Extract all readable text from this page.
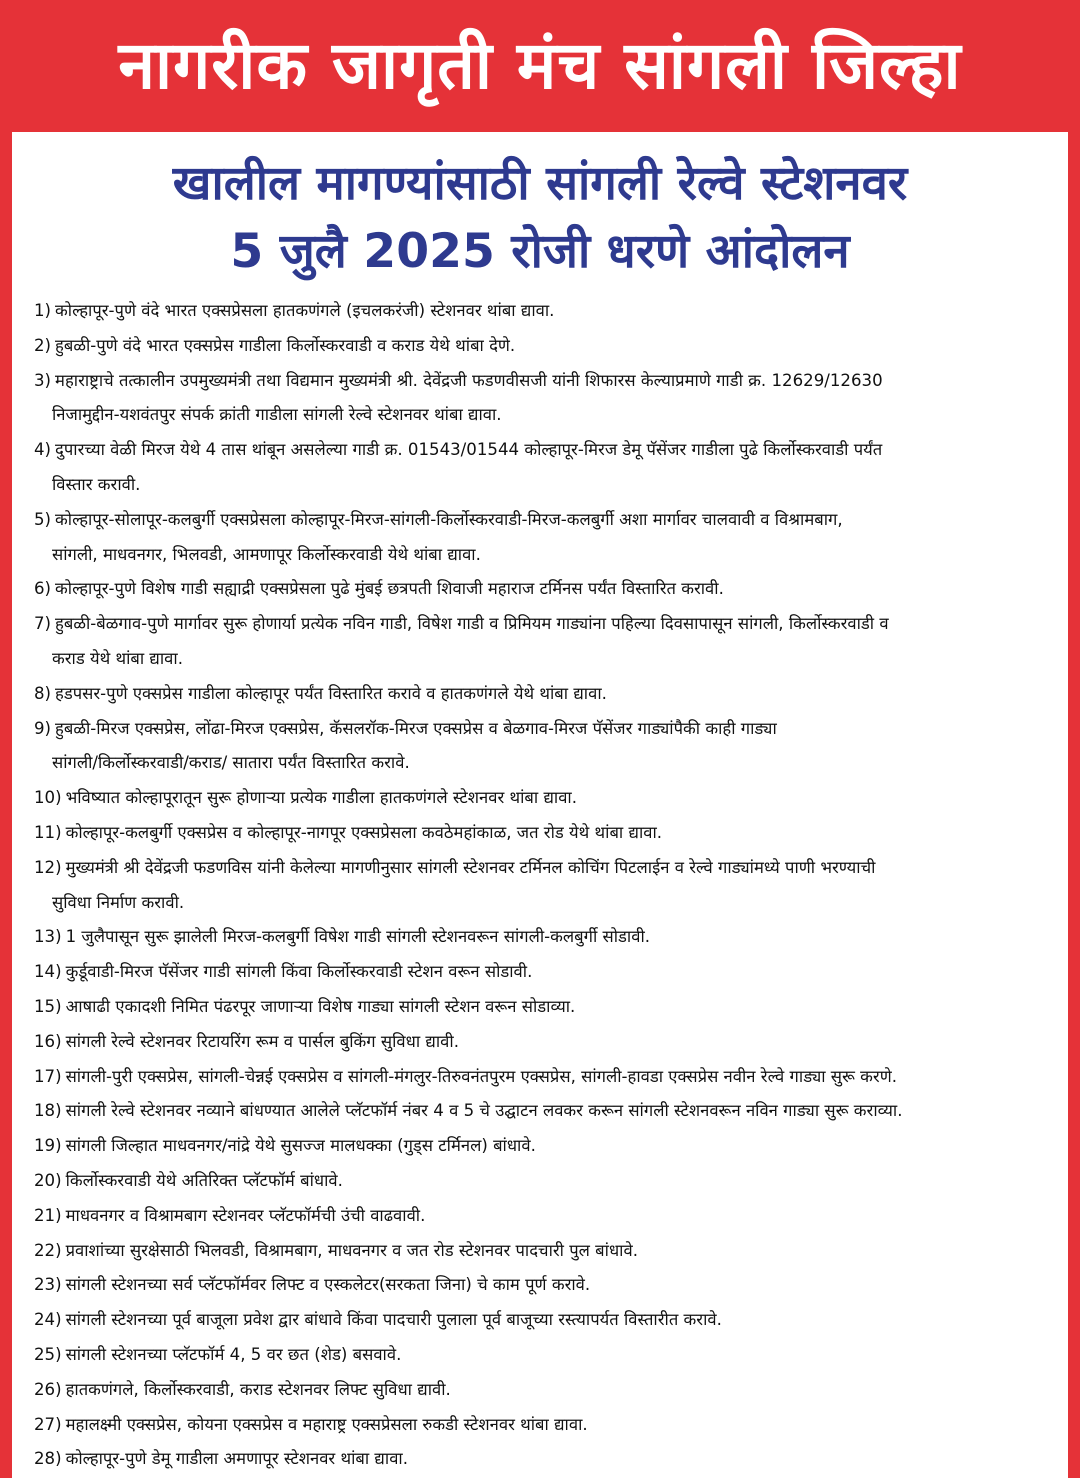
नागरीक जागृती मंच सांगली जिल्हा
खालील मागण्यांसाठी सांगली रेल्वे स्टेशनवर
5 जुलै 2025 रोजी धरणे आंदोलन
1) कोल्हापूर-पुणे वंदे भारत एक्सप्रेसला हातकणंगले (इचलकरंजी) स्टेशनवर थांबा द्यावा.
2) हुबळी-पुणे वंदे भारत एक्सप्रेस गाडीला किर्लोस्करवाडी व कराड येथे थांबा देणे.
3) महाराष्ट्राचे तत्कालीन उपमुख्यमंत्री तथा विद्यमान मुख्यमंत्री श्री. देवेंद्रजी फडणवीसजी यांनी शिफारस केल्याप्रमाणे गाडी क्र. 12629/12630
निजामुद्दीन-यशवंतपुर संपर्क क्रांती गाडीला सांगली रेल्वे स्टेशनवर थांबा द्यावा.
4) दुपारच्या वेळी मिरज येथे 4 तास थांबून असलेल्या गाडी क्र. 01543/01544 कोल्हापूर-मिरज डेमू पॅसेंजर गाडीला पुढे किर्लोस्करवाडी पर्यंत
विस्तार करावी.
5) कोल्हापूर-सोलापूर-कलबुर्गी एक्सप्रेसला कोल्हापूर-मिरज-सांगली-किर्लोस्करवाडी-मिरज-कलबुर्गी अशा मार्गावर चालवावी व विश्रामबाग,
सांगली, माधवनगर, भिलवडी, आमणापूर किर्लोस्करवाडी येथे थांबा द्यावा.
6) कोल्हापूर-पुणे विशेष गाडी सह्याद्री एक्सप्रेसला पुढे मुंबई छत्रपती शिवाजी महाराज टर्मिनस पर्यंत विस्तारित करावी.
7) हुबळी-बेळगाव-पुणे मार्गावर सुरू होणार्या प्रत्येक नविन गाडी, विषेश गाडी व प्रिमियम गाड्यांना पहिल्या दिवसापासून सांगली, किर्लोस्करवाडी व
कराड येथे थांबा द्यावा.
8) हडपसर-पुणे एक्सप्रेस गाडीला कोल्हापूर पर्यंत विस्तारित करावे व हातकणंगले येथे थांबा द्यावा.
9) हुबळी-मिरज एक्सप्रेस, लोंढा-मिरज एक्सप्रेस, कॅसलरॉक-मिरज एक्सप्रेस व बेळगाव-मिरज पॅसेंजर गाड्यांपैकी काही गाड्या
सांगली/किर्लोस्करवाडी/कराड/ सातारा पर्यंत विस्तारित करावे.
10) भविष्यात कोल्हापूरातून सुरू होणाऱ्या प्रत्येक गाडीला हातकणंगले स्टेशनवर थांबा द्यावा.
11) कोल्हापूर-कलबुर्गी एक्सप्रेस व कोल्हापूर-नागपूर एक्सप्रेसला कवठेमहांकाळ, जत रोड येथे थांबा द्यावा.
12) मुख्यमंत्री श्री देवेंद्रजी फडणविस यांनी केलेल्या मागणीनुसार सांगली स्टेशनवर टर्मिनल कोचिंग पिटलाईन व रेल्वे गाड्यांमध्ये पाणी भरण्याची
सुविधा निर्माण करावी.
13) 1 जुलैपासून सुरू झालेली मिरज-कलबुर्गी विषेश गाडी सांगली स्टेशनवरून सांगली-कलबुर्गी सोडावी.
14) कुर्डूवाडी-मिरज पॅसेंजर गाडी सांगली किंवा किर्लोस्करवाडी स्टेशन वरून सोडावी.
15) आषाढी एकादशी निमित पंढरपूर जाणाऱ्या विशेष गाड्या सांगली स्टेशन वरून सोडाव्या.
16) सांगली रेल्वे स्टेशनवर रिटायरिंग रूम व पार्सल बुकिंग सुविधा द्यावी.
17) सांगली-पुरी एक्सप्रेस, सांगली-चेन्नई एक्सप्रेस व सांगली-मंगलुर-तिरुवनंतपुरम एक्सप्रेस, सांगली-हावडा एक्सप्रेस नवीन रेल्वे गाड्या सुरू करणे.
18) सांगली रेल्वे स्टेशनवर नव्याने बांधण्यात आलेले प्लॅटफॉर्म नंबर 4 व 5 चे उद्घाटन लवकर करून सांगली स्टेशनवरून नविन गाड्या सुरू कराव्या.
19) सांगली जिल्हात माधवनगर/नांद्रे येथे सुसज्ज मालधक्का (गुड्स टर्मिनल) बांधावे.
20) किर्लोस्करवाडी येथे अतिरिक्त प्लॅटफॉर्म बांधावे.
21) माधवनगर व विश्रामबाग स्टेशनवर प्लॅटफॉर्मची उंची वाढवावी.
22) प्रवाशांच्या सुरक्षेसाठी भिलवडी, विश्रामबाग, माधवनगर व जत रोड स्टेशनवर पादचारी पुल बांधावे.
23) सांगली स्टेशनच्या सर्व प्लॅटफॉर्मवर लिफ्ट व एस्कलेटर(सरकता जिना) चे काम पूर्ण करावे.
24) सांगली स्टेशनच्या पूर्व बाजूला प्रवेश द्वार बांधावे किंवा पादचारी पुलाला पूर्व बाजूच्या रस्त्यापर्यत विस्तारीत करावे.
25) सांगली स्टेशनच्या प्लॅटफॉर्म 4, 5 वर छत (शेड) बसवावे.
26) हातकणंगले, किर्लोस्करवाडी, कराड स्टेशनवर लिफ्ट सुविधा द्यावी.
27) महालक्ष्मी एक्सप्रेस, कोयना एक्सप्रेस व महाराष्ट्र एक्सप्रेसला रुकडी स्टेशनवर थांबा द्यावा.
28) कोल्हापूर-पुणे डेमू गाडीला अमणापूर स्टेशनवर थांबा द्यावा.
